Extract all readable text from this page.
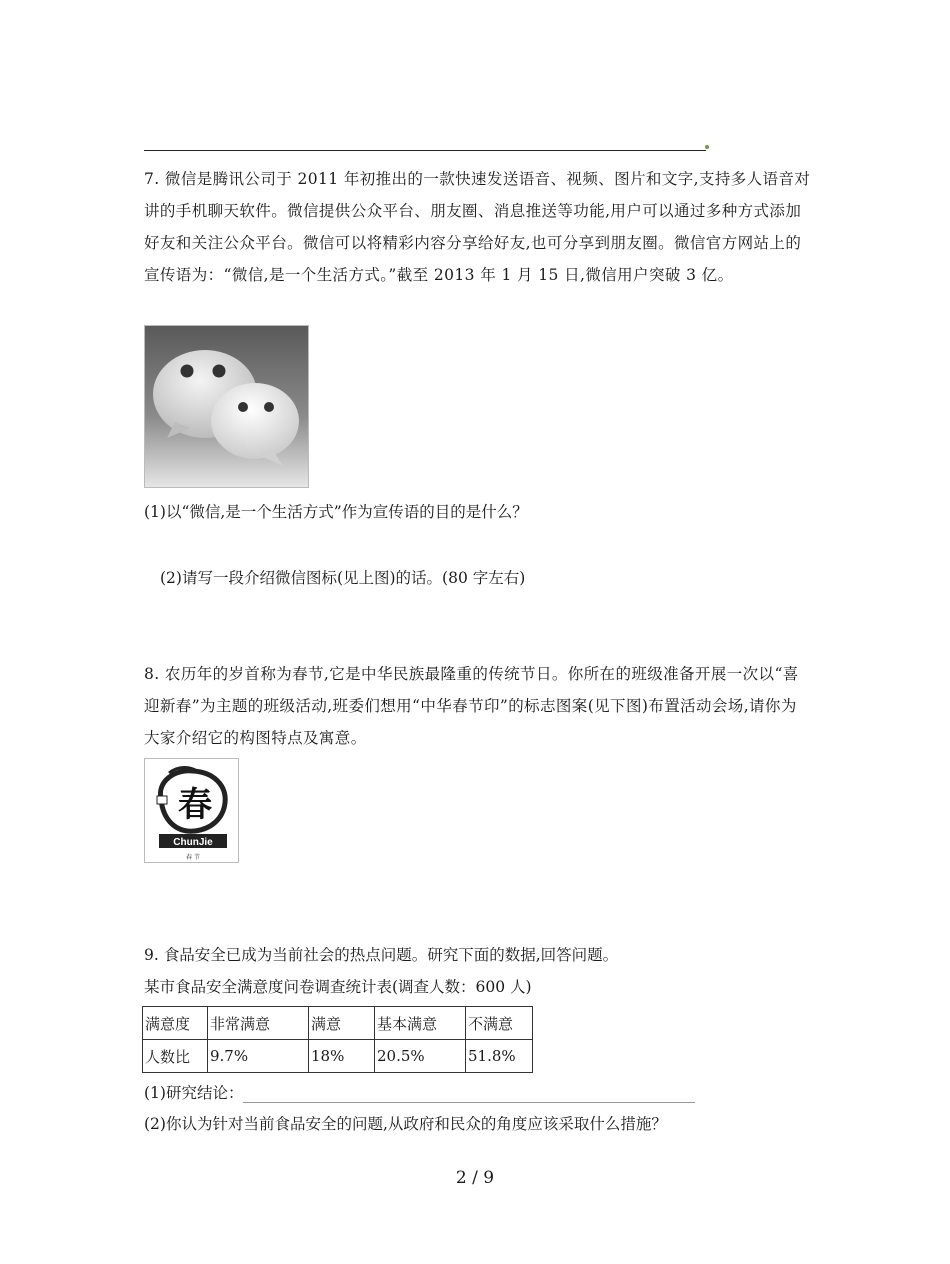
7. 微信是腾讯公司于 2011 年初推出的一款快速发送语音、视频、图片和文字,支持多人语音对讲的手机聊天软件。微信提供公众平台、朋友圈、消息推送等功能,用户可以通过多种方式添加好友和关注公众平台。微信可以将精彩内容分享给好友,也可分享到朋友圈。微信官方网站上的宣传语为：“微信,是一个生活方式。”截至 2013 年 1 月 15 日,微信用户突破 3 亿。
(1)以“微信,是一个生活方式”作为宣传语的目的是什么？
(2)请写一段介绍微信图标(见上图)的话。(80 字左右)
8. 农历年的岁首称为春节,它是中华民族最隆重的传统节日。你所在的班级准备开展一次以“喜迎新春”为主题的班级活动,班委们想用“中华春节印”的标志图案(见下图)布置活动会场,请你为大家介绍它的构图特点及寓意。
春
ChunJie
春 节
9. 食品安全已成为当前社会的热点问题。研究下面的数据,回答问题。
某市食品安全满意度问卷调查统计表(调查人数：600 人)
满意度	非常满意	满意	基本满意	不满意
人数比	9.7%	18%	20.5%	51.8%
(1)研究结论：
(2)你认为针对当前食品安全的问题,从政府和民众的角度应该采取什么措施？
2 / 9
